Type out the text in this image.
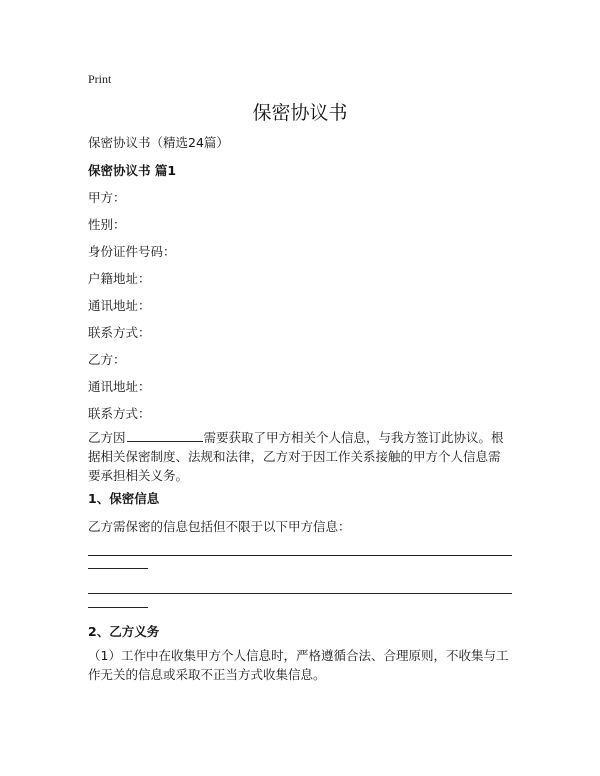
Print
保密协议书
保密协议书（精选24篇）
保密协议书 篇1
甲方：
性别：
身份证件号码：
户籍地址：
通讯地址：
联系方式：
乙方：
通讯地址：
联系方式：
乙方因	需要获取了甲方相关个人信息，与我方签订此协议。根据相关保密制度、法规和法律，乙方对于因工作关系接触的甲方个人信息需要承担相关义务。
1、保密信息
乙方需保密的信息包括但不限于以下甲方信息：
2、乙方义务
（1）工作中在收集甲方个人信息时，严格遵循合法、合理原则，不收集与工作无关的信息或采取不正当方式收集信息。
